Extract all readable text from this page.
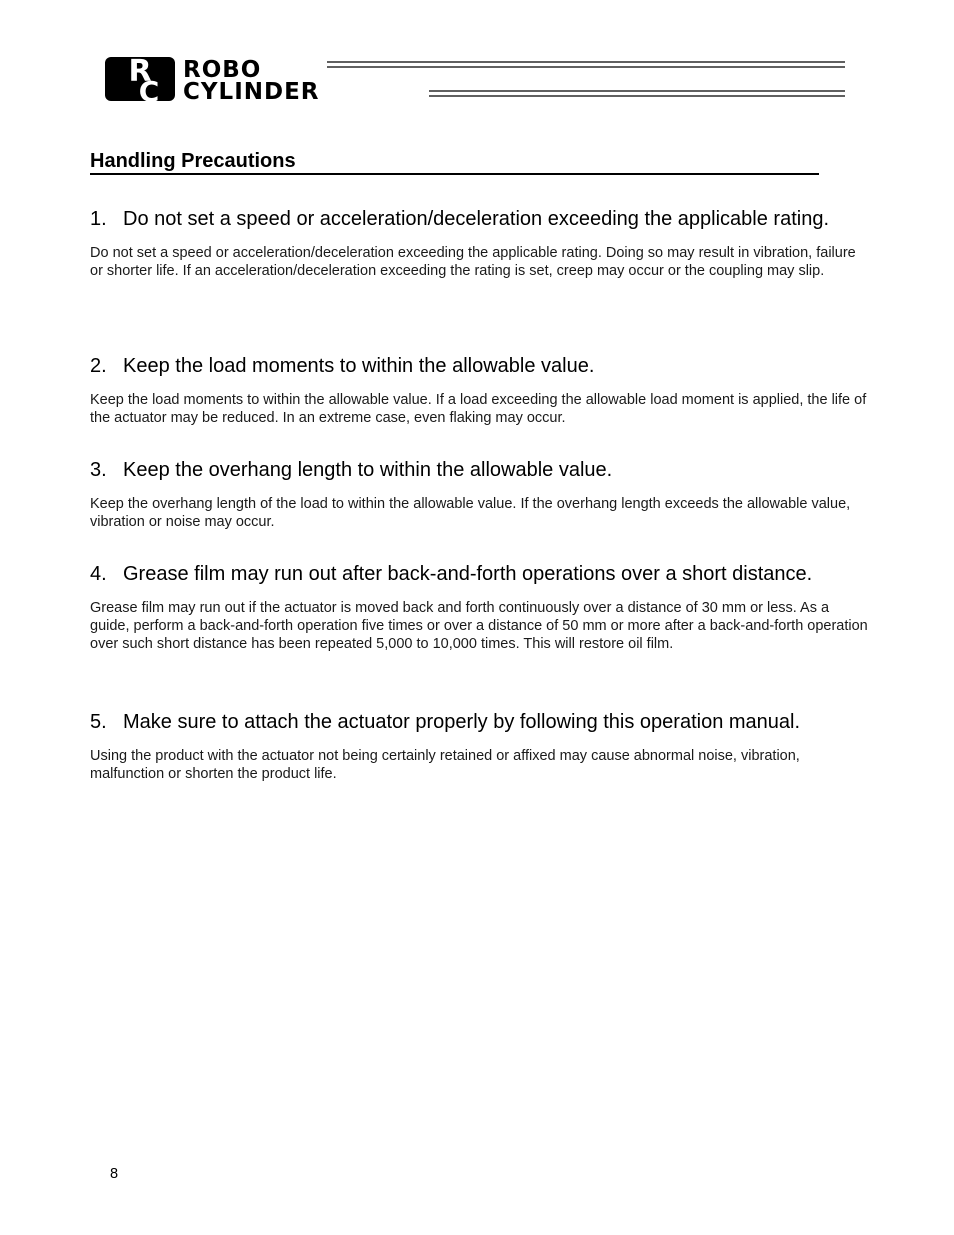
R
C
ROBO
CYLINDER
Handling Precautions
1. Do not set a speed or acceleration/deceleration exceeding the applicable rating.
Do not set a speed or acceleration/deceleration exceeding the applicable rating. Doing so may result in vibration, failure or shorter life. If an acceleration/deceleration exceeding the rating is set, creep may occur or the coupling may slip.
2. Keep the load moments to within the allowable value.
Keep the load moments to within the allowable value. If a load exceeding the allowable load moment is applied, the life of the actuator may be reduced. In an extreme case, even flaking may occur.
3. Keep the overhang length to within the allowable value.
Keep the overhang length of the load to within the allowable value. If the overhang length exceeds the allowable value, vibration or noise may occur.
4. Grease film may run out after back-and-forth operations over a short distance.
Grease film may run out if the actuator is moved back and forth continuously over a distance of 30 mm or less. As a guide, perform a back-and-forth operation five times or over a distance of 50 mm or more after a back-and-forth operation over such short distance has been repeated 5,000 to 10,000 times. This will restore oil film.
5. Make sure to attach the actuator properly by following this operation manual.
Using the product with the actuator not being certainly retained or affixed may cause abnormal noise, vibration, malfunction or shorten the product life.
8
